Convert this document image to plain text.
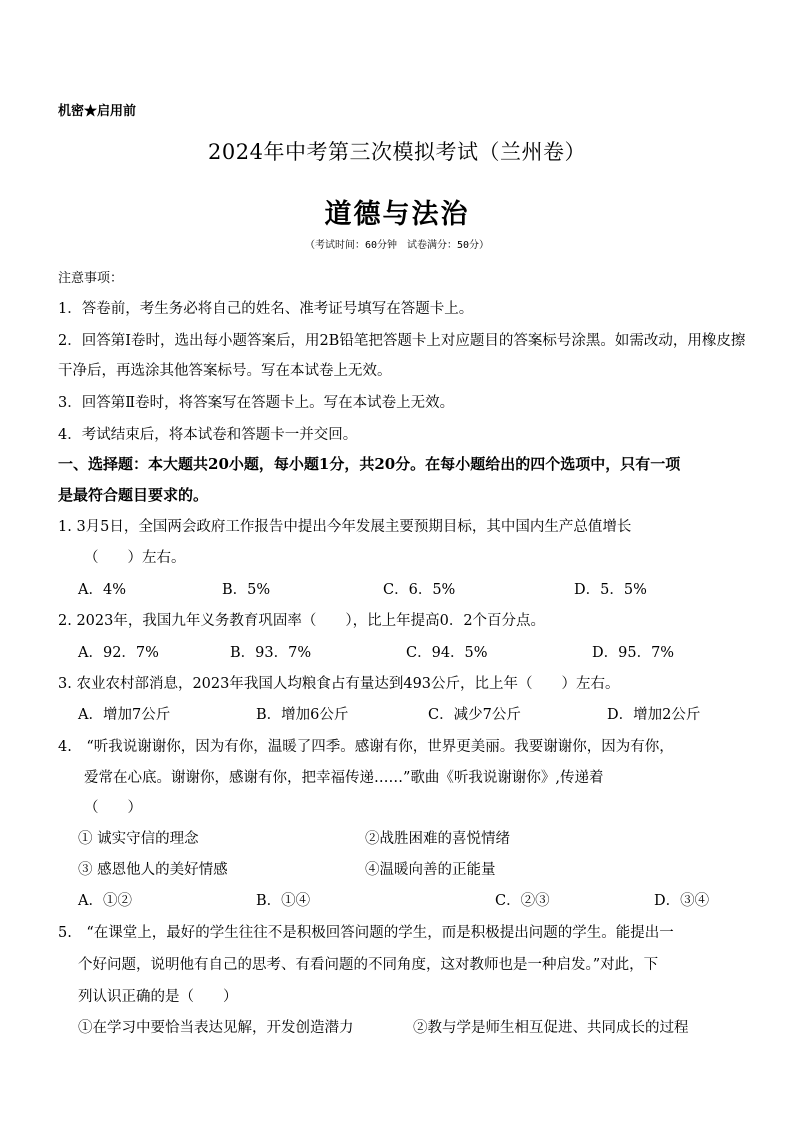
机密★启用前
2024年中考第三次模拟考试（兰州卷）
道德与法治
（考试时间：60分钟　试卷满分：50分）
注意事项：
1．答卷前，考生务必将自己的姓名、准考证号填写在答题卡上。
2．回答第Ⅰ卷时，选出每小题答案后，用2B铅笔把答题卡上对应题目的答案标号涂黑。如需改动，用橡皮擦
干净后，再选涂其他答案标号。写在本试卷上无效。
3．回答第Ⅱ卷时，将答案写在答题卡上。写在本试卷上无效。
4．考试结束后，将本试卷和答题卡一并交回。
一、选择题：本大题共20小题，每小题1分，共20分。在每小题给出的四个选项中，只有一项
是最符合题目要求的。
1. 3月5日，全国两会政府工作报告中提出今年发展主要预期目标，其中国内生产总值增长
（　　）左右。
A．4%	B．5%	C．6．5%	D．5．5%
2. 2023年，我国九年义务教育巩固率（　　），比上年提高0．2个百分点。
A．92．7%	B．93．7%	C．94．5%	D．95．7%
3. 农业农村部消息，2023年我国人均粮食占有量达到493公斤，比上年（　　）左右。
A．增加7公斤	B．增加6公斤	C．减少7公斤	D．增加2公斤
4.　“听我说谢谢你，因为有你，温暖了四季。感谢有你，世界更美丽。我要谢谢你，因为有你，
爱常在心底。谢谢你，感谢有你，把幸福传递……”歌曲《听我说谢谢你》,传递着
（　　）
① 诚实守信的理念	②战胜困难的喜悦情绪
③ 感恩他人的美好情感	④温暖向善的正能量
A．①②	B．①④	C．②③	D．③④
5.　“在课堂上，最好的学生往往不是积极回答问题的学生，而是积极提出问题的学生。能提出一
个好问题，说明他有自己的思考、有看问题的不同角度，这对教师也是一种启发。”对此，下
列认识正确的是（　　）
①在学习中要恰当表达见解，开发创造潜力	②教与学是师生相互促进、共同成长的过程
